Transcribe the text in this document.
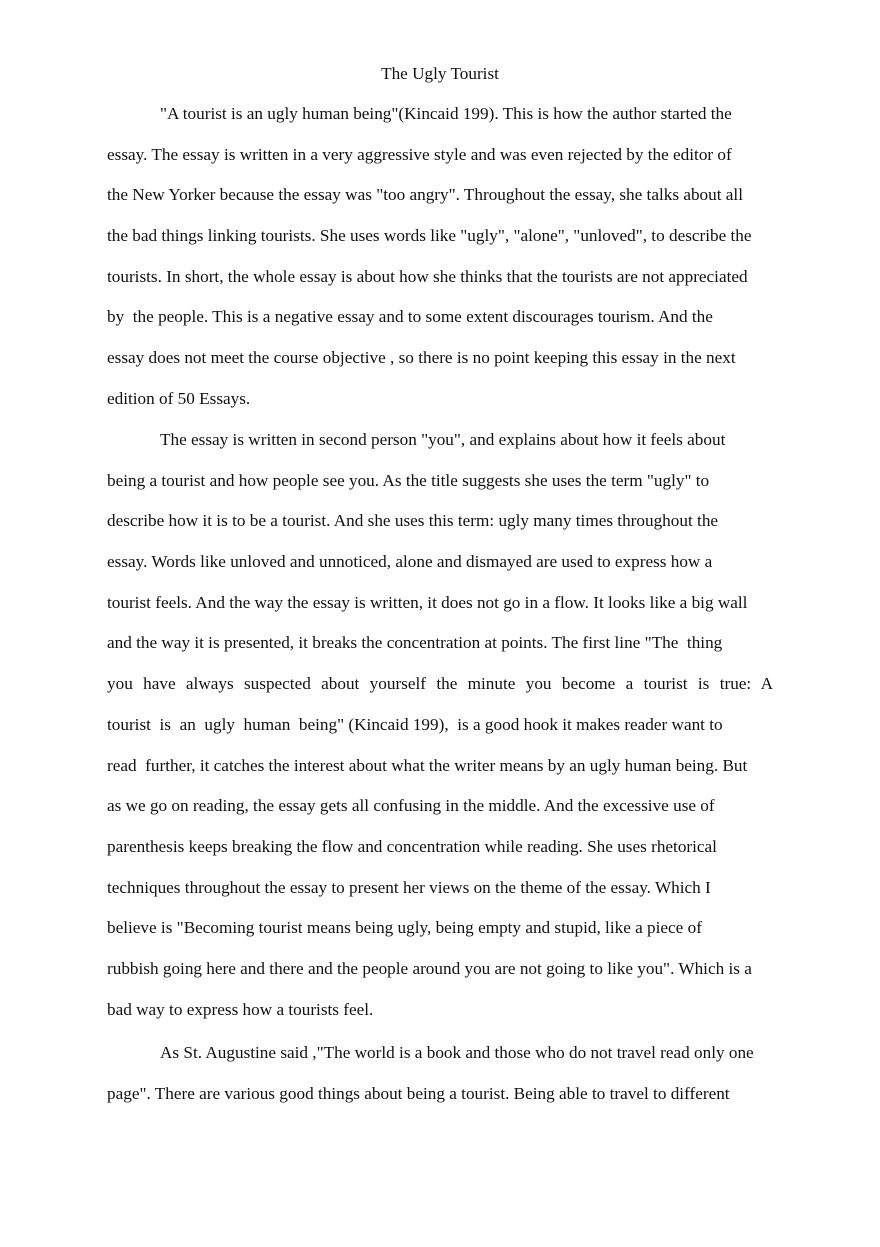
The Ugly Tourist
"A tourist is an ugly human being"(Kincaid 199). This is how the author started the
essay. The essay is written in a very aggressive style and was even rejected by the editor of
the New Yorker because the essay was "too angry". Throughout the essay, she talks about all
the bad things linking tourists. She uses words like "ugly", "alone", "unloved", to describe the
tourists. In short, the whole essay is about how she thinks that the tourists are not appreciated
by  the people. This is a negative essay and to some extent discourages tourism. And the
essay does not meet the course objective , so there is no point keeping this essay in the next
edition of 50 Essays.
The essay is written in second person "you", and explains about how it feels about
being a tourist and how people see you. As the title suggests she uses the term "ugly" to
describe how it is to be a tourist. And she uses this term: ugly many times throughout the
essay. Words like unloved and unnoticed, alone and dismayed are used to express how a
tourist feels. And the way the essay is written, it does not go in a flow. It looks like a big wall
and the way it is presented, it breaks the concentration at points. The first line "The  thing
you have always suspected about yourself the minute you become a tourist is true: A
tourist  is  an  ugly  human  being" (Kincaid 199),  is a good hook it makes reader want to
read  further, it catches the interest about what the writer means by an ugly human being. But
as we go on reading, the essay gets all confusing in the middle. And the excessive use of
parenthesis keeps breaking the flow and concentration while reading. She uses rhetorical
techniques throughout the essay to present her views on the theme of the essay. Which I
believe is "Becoming tourist means being ugly, being empty and stupid, like a piece of
rubbish going here and there and the people around you are not going to like you". Which is a
bad way to express how a tourists feel.
As St. Augustine said ,"The world is a book and those who do not travel read only one
page". There are various good things about being a tourist. Being able to travel to different
